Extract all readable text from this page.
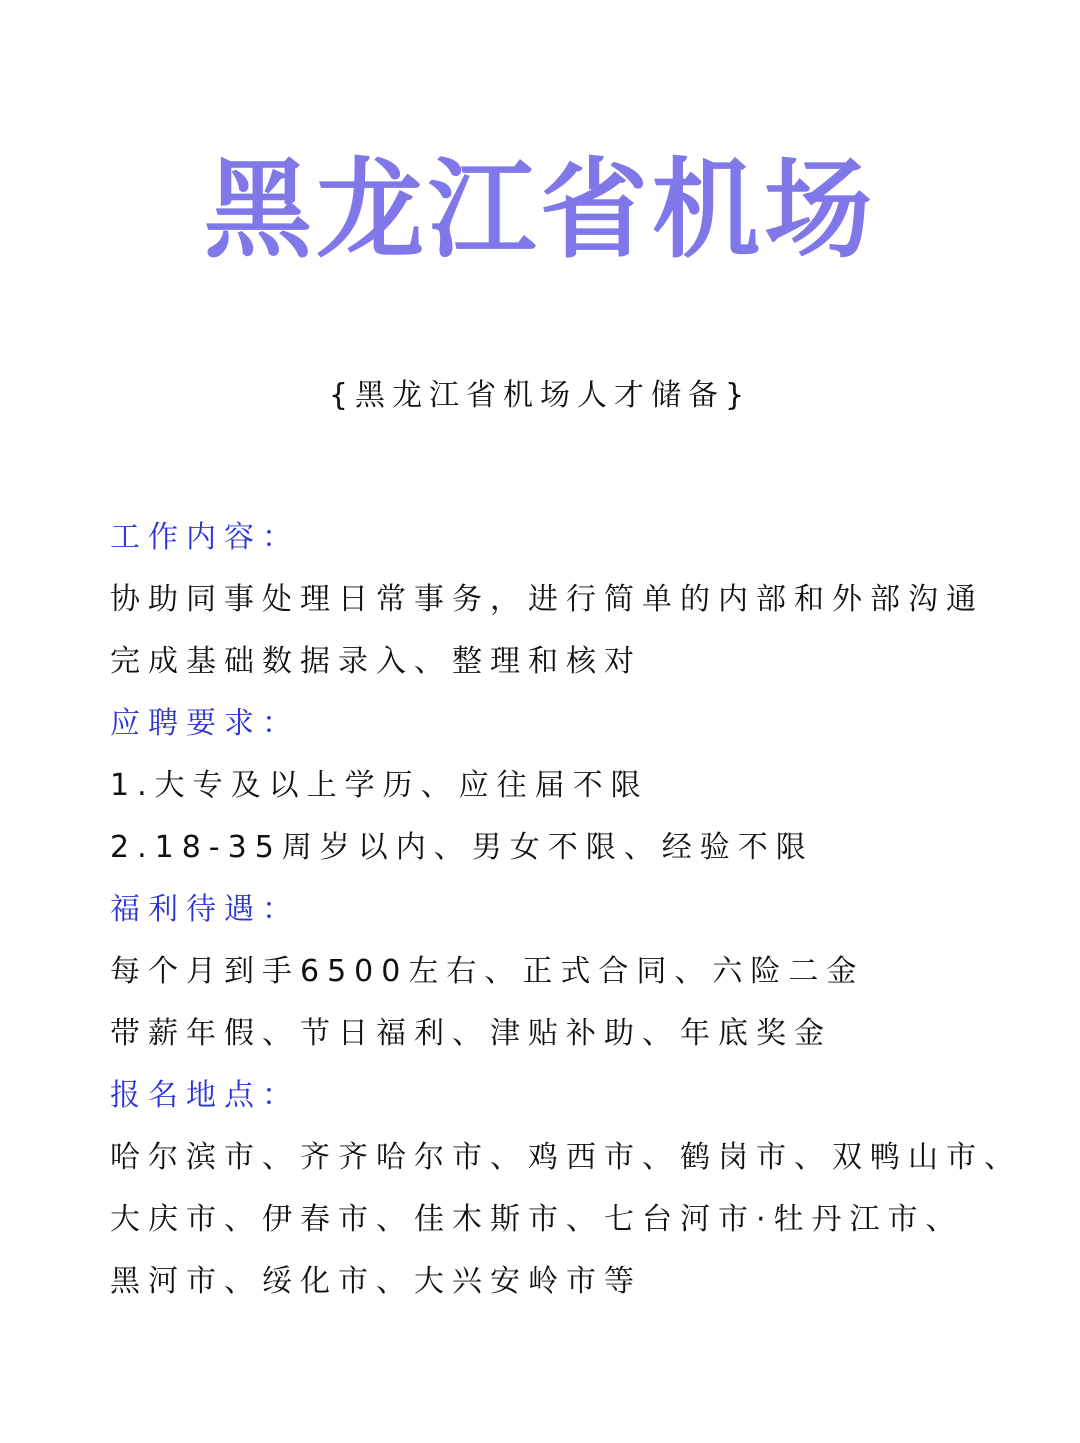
黑龙江省机场
{黑龙江省机场人才储备}
工作内容：
协助同事处理日常事务，进行简单的内部和外部沟通
完成基础数据录入、整理和核对
应聘要求：
1.大专及以上学历、应往届不限
2.18-35周岁以内、男女不限、经验不限
福利待遇：
每个月到手6500左右、正式合同、六险二金
带薪年假、节日福利、津贴补助、年底奖金
报名地点：
哈尔滨市、齐齐哈尔市、鸡西市、鹤岗市、双鸭山市、
大庆市、伊春市、佳木斯市、七台河市·牡丹江市、
黑河市、绥化市、大兴安岭市等
